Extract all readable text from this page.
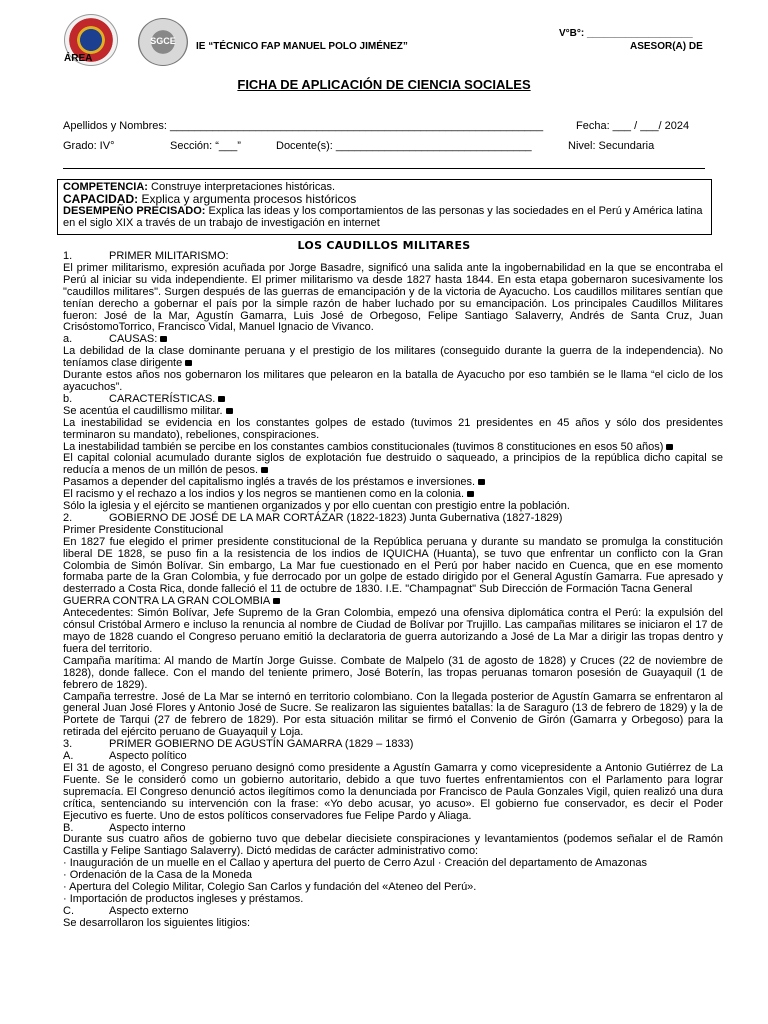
SGCE
ÁREA
IE “TÉCNICO FAP MANUEL POLO JIMÉNEZ”
V°B°: ___________________
ASESOR(A) DE
FICHA DE APLICACIÓN DE CIENCIA SOCIALES
Apellidos y Nombres: _____________________________________________________________	Fecha: ___ / ___/ 2024
Grado: IV°	Sección: “___”	Docente(s): ________________________________	Nivel: Secundaria
COMPETENCIA: Construye interpretaciones históricas.
CAPACIDAD: Explica y argumenta procesos históricos
DESEMPEÑO PRECISADO: Explica las ideas y los comportamientos de las personas y las sociedades en el Perú y América latina en el siglo XIX a través de un trabajo de investigación en internet
LOS CAUDILLOS MILITARES

1.	PRIMER MILITARISMO:

El primer militarismo, expresión acuñada por Jorge Basadre, significó una salida ante la ingobernabilidad en la que se encontraba el Perú al iniciar su vida independiente. El primer militarismo va desde 1827 hasta 1844. En esta etapa gobernaron sucesivamente los "caudillos militares". Surgen después de las guerras de emancipación y de la victoria de Ayacucho. Los caudillos militares sentían que tenían derecho a gobernar el país por la simple razón de haber luchado por su emancipación. Los principales Caudillos Militares fueron: José de la Mar, Agustín Gamarra, Luis José de Orbegoso, Felipe Santiago Salaverry, Andrés de Santa Cruz, Juan CrisóstomoTorrico, Francisco Vidal, Manuel Ignacio de Vivanco.

a.	CAUSAS:

La debilidad de la clase dominante peruana y el prestigio de los militares (conseguido durante la guerra de la independencia). No teníamos clase dirigente

Durante estos años nos gobernaron los militares que pelearon en la batalla de Ayacucho por eso también se le llama “el ciclo de los ayacuchos”.

b.	CARACTERÍSTICAS.

Se acentúa el caudillismo militar.

La inestabilidad se evidencia en los constantes golpes de estado (tuvimos 21 presidentes en 45 años y sólo dos presidentes terminaron su mandato), rebeliones, conspiraciones.

La inestabilidad también se percibe en los constantes cambios constitucionales (tuvimos 8 constituciones en esos 50 años)

El capital colonial acumulado durante siglos de explotación fue destruido o saqueado, a principios de la república dicho capital se reducía a menos de un millón de pesos.

Pasamos a depender del capitalismo inglés a través de los préstamos e inversiones.

El racismo y el rechazo a los indios y los negros se mantienen como en la colonia.

Sólo la iglesia y el ejército se mantienen organizados y por ello cuentan con prestigio entre la población.

2.	GOBIERNO DE JOSÉ DE LA MAR CORTÁZAR (1822-1823) Junta Gubernativa (1827-1829)

Primer Presidente Constitucional

En 1827 fue elegido el primer presidente constitucional de la República peruana y durante su mandato se promulga la constitución liberal DE 1828, se puso fin a la resistencia de los indios de IQUICHA (Huanta), se tuvo que enfrentar un conflicto con la Gran Colombia de Simón Bolívar. Sin embargo, La Mar fue cuestionado en el Perú por haber nacido en Cuenca, que en ese momento formaba parte de la Gran Colombia, y fue derrocado por un golpe de estado dirigido por el General Agustín Gamarra. Fue apresado y desterrado a Costa Rica, donde falleció el 11 de octubre de 1830. I.E. "Champagnat" Sub Dirección de Formación Tacna General

GUERRA CONTRA LA GRAN COLOMBIA

Antecedentes: Simón Bolívar, Jefe Supremo de la Gran Colombia, empezó una ofensiva diplomática contra el Perú: la expulsión del cónsul Cristóbal Armero e incluso la renuncia al nombre de Ciudad de Bolívar por Trujillo. Las campañas militares se iniciaron el 17 de mayo de 1828 cuando el Congreso peruano emitió la declaratoria de guerra autorizando a José de La Mar a dirigir las tropas dentro y fuera del territorio.

Campaña marítima: Al mando de Martín Jorge Guisse. Combate de Malpelo (31 de agosto de 1828) y Cruces (22 de noviembre de 1828), donde fallece. Con el mando del teniente primero, José Boterín, las tropas peruanas tomaron posesión de Guayaquil (1 de febrero de 1829).

Campaña terrestre. José de La Mar se internó en territorio colombiano. Con la llegada posterior de Agustín Gamarra se enfrentaron al general Juan José Flores y Antonio José de Sucre. Se realizaron las siguientes batallas: la de Saraguro (13 de febrero de 1829) y la de Portete de Tarqui (27 de febrero de 1829). Por esta situación militar se firmó el Convenio de Girón (Gamarra y Orbegoso) para la retirada del ejército peruano de Guayaquil y Loja.

3.	PRIMER GOBIERNO DE AGUSTÍN GAMARRA (1829 – 1833)

A.	Aspecto político

El 31 de agosto, el Congreso peruano designó como presidente a Agustín Gamarra y como vicepresidente a Antonio Gutiérrez de La Fuente. Se le consideró como un gobierno autoritario, debido a que tuvo fuertes enfrentamientos con el Parlamento para lograr supremacía. El Congreso denunció actos ilegítimos como la denunciada por Francisco de Paula Gonzales Vigil, quien realizó una dura crítica, sentenciando su intervención con la frase: «Yo debo acusar, yo acuso». El gobierno fue conservador, es decir el Poder Ejecutivo es fuerte. Uno de estos políticos conservadores fue Felipe Pardo y Aliaga.

B.	Aspecto interno

Durante sus cuatro años de gobierno tuvo que debelar diecisiete conspiraciones y levantamientos (podemos señalar el de Ramón Castilla y Felipe Santiago Salaverry). Dictó medidas de carácter administrativo como:

· Inauguración de un muelle en el Callao y apertura del puerto de Cerro Azul · Creación del departamento de Amazonas

· Ordenación de la Casa de la Moneda

· Apertura del Colegio Militar, Colegio San Carlos y fundación del «Ateneo del Perú».

· Importación de productos ingleses y préstamos.

C.	Aspecto externo

Se desarrollaron los siguientes litigios:
